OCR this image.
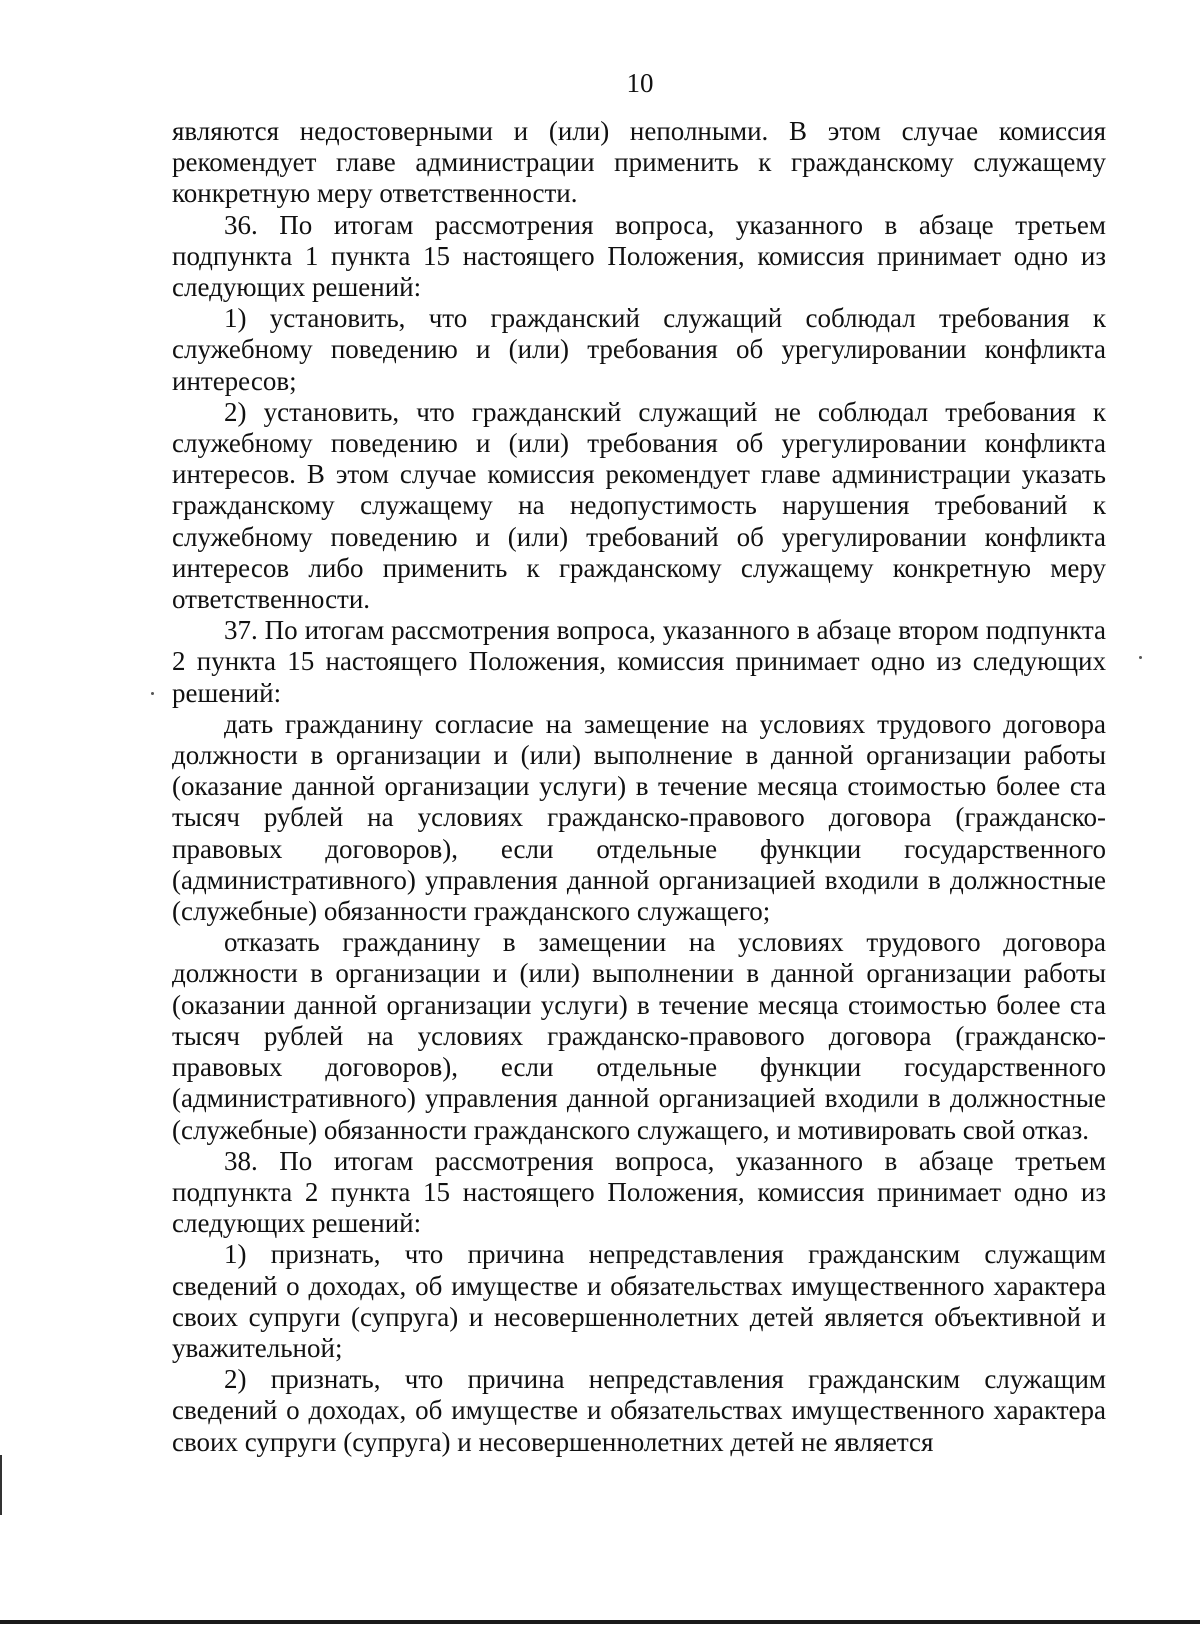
10

являются недостоверными и (или) неполными. В этом случае комиссия рекомендует главе администрации применить к гражданскому служащему конкретную меру ответственности.

36. По итогам рассмотрения вопроса, указанного в абзаце третьем подпункта 1 пункта 15 настоящего Положения, комиссия принимает одно из следующих решений:

1) установить, что гражданский служащий соблюдал требования к служебному поведению и (или) требования об урегулировании конфликта интересов;

2) установить, что гражданский служащий не соблюдал требования к служебному поведению и (или) требования об урегулировании конфликта интересов. В этом случае комиссия рекомендует главе администрации указать гражданскому служащему на недопустимость нарушения требований к служебному поведению и (или) требований об урегулировании конфликта интересов либо применить к гражданскому служащему конкретную меру ответственности.

37. По итогам рассмотрения вопроса, указанного в абзаце втором подпункта 2 пункта 15 настоящего Положения, комиссия принимает одно из следующих решений:

дать гражданину согласие на замещение на условиях трудового договора должности в организации и (или) выполнение в данной организации работы (оказание данной организации услуги) в течение месяца стоимостью более ста тысяч рублей на условиях гражданско-правового договора (гражданско-правовых договоров), если отдельные функции государственного (административного) управления данной организацией входили в должностные (служебные) обязанности гражданского служащего;

отказать гражданину в замещении на условиях трудового договора должности в организации и (или) выполнении в данной организации работы (оказании данной организации услуги) в течение месяца стоимостью более ста тысяч рублей на условиях гражданско-правового договора (гражданско-правовых договоров), если отдельные функции государственного (административного) управления данной организацией входили в должностные (служебные) обязанности гражданского служащего, и мотивировать свой отказ.

38. По итогам рассмотрения вопроса, указанного в абзаце третьем подпункта 2 пункта 15 настоящего Положения, комиссия принимает одно из следующих решений:

1) признать, что причина непредставления гражданским служащим сведений о доходах, об имуществе и обязательствах имущественного характера своих супруги (супруга) и несовершеннолетних детей является объективной и уважительной;

2) признать, что причина непредставления гражданским служащим сведений о доходах, об имуществе и обязательствах имущественного характера своих супруги (супруга) и несовершеннолетних детей не является
